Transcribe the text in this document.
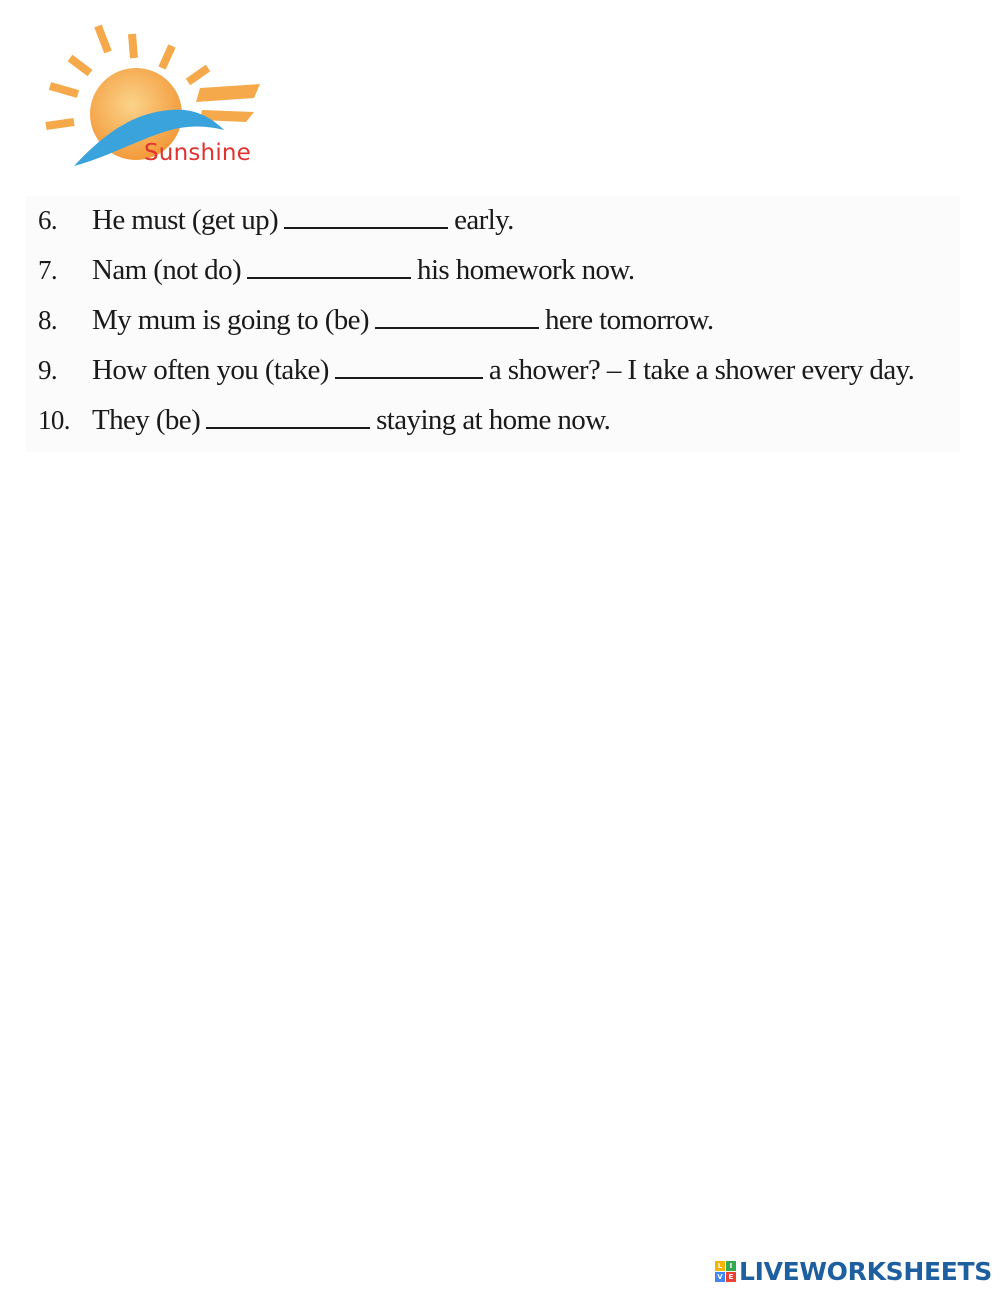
Sunshine
6. He must (get up)	early.
7. Nam (not do)	his homework now.
8. My mum is going to (be)	here tomorrow.
9. How often you (take)	a shower? – I take a shower every day.
10. They (be)	staying at home now.
L	I
V E LIVEWORKSHEETS
